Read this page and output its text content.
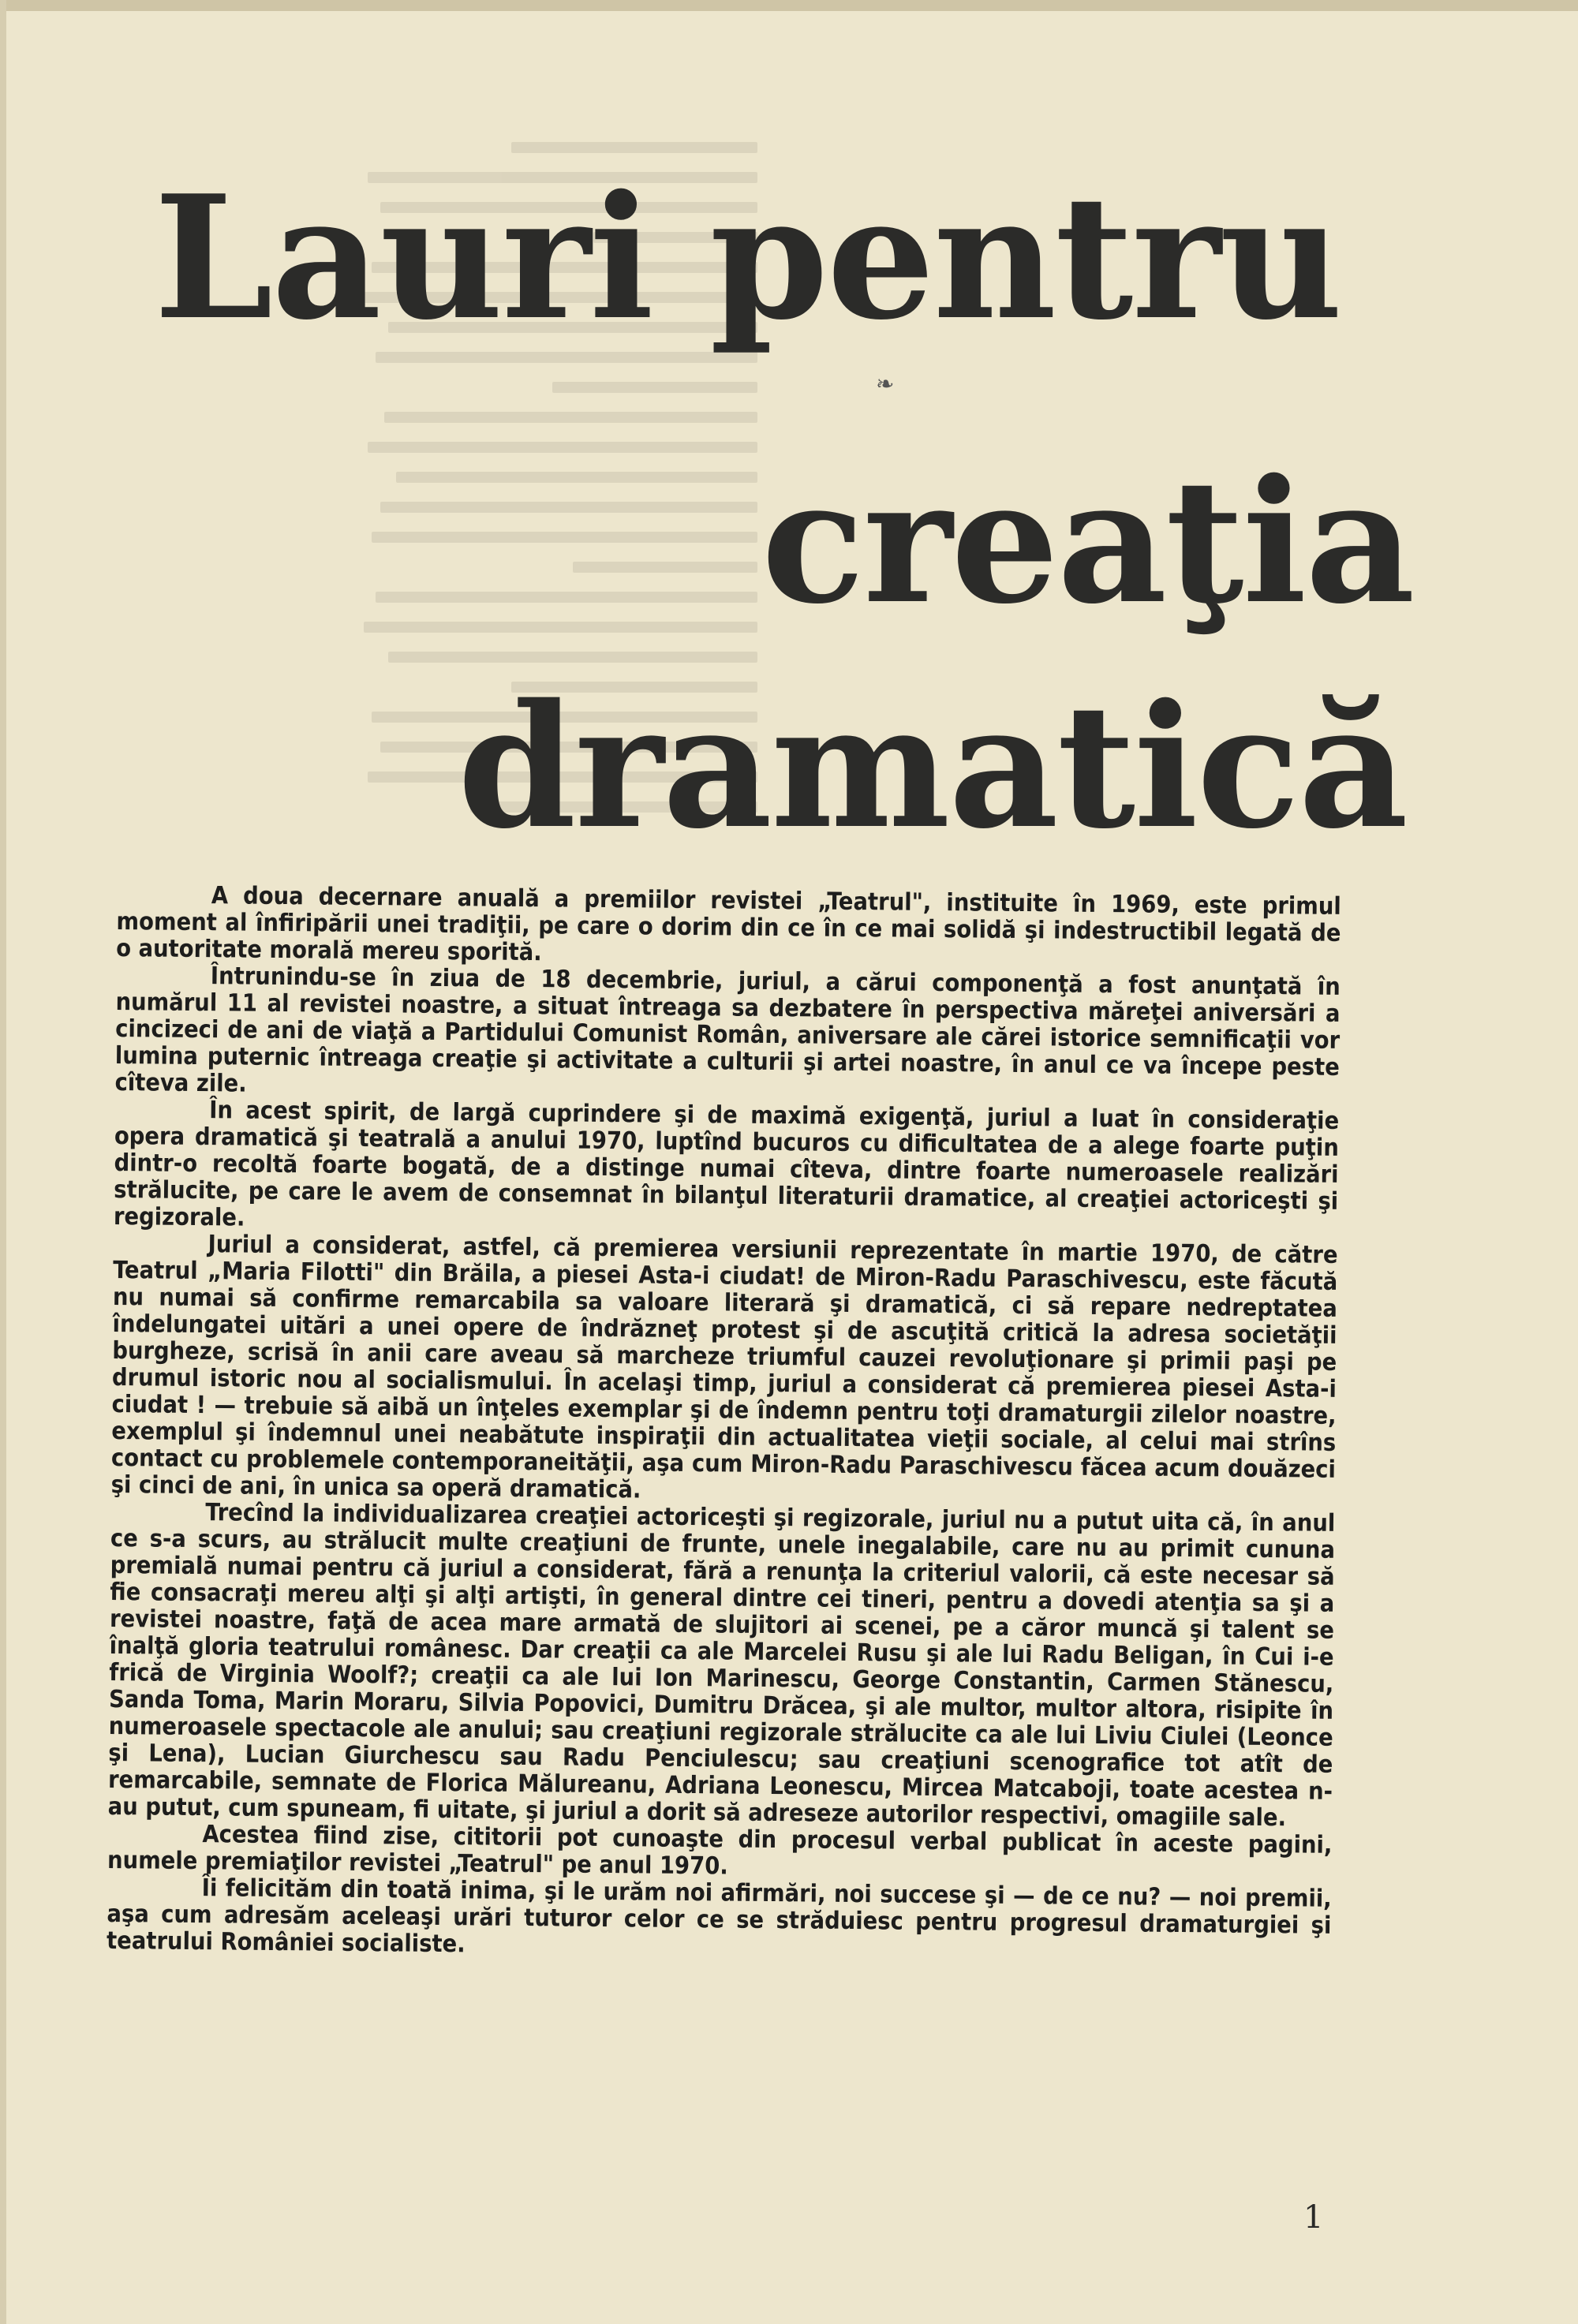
Lauri pentru
❧
creaţia
dramatică

A doua decernare anuală a premiilor revistei „Teatrul", instituite în 1969, este primul moment al înfiripării unei tradiţii, pe care o dorim din ce în ce mai solidă şi indestructibil legată de o autoritate morală mereu sporită.

Întrunindu-se în ziua de 18 decembrie, juriul, a cărui componenţă a fost anunţată în numărul 11 al revistei noastre, a situat întreaga sa dezbatere în perspectiva măreţei aniversări a cincizeci de ani de viaţă a Partidului Comunist Român, aniversare ale cărei istorice semnificaţii vor lumina puternic întreaga creaţie şi activitate a culturii şi artei noastre, în anul ce va începe peste cîteva zile.

În acest spirit, de largă cuprindere şi de maximă exigenţă, juriul a luat în consideraţie opera dramatică şi teatrală a anului 1970, luptînd bucuros cu dificultatea de a alege foarte puţin dintr-o recoltă foarte bogată, de a distinge numai cîteva, dintre foarte numeroasele realizări strălucite, pe care le avem de consemnat în bilanţul literaturii dramatice, al creaţiei actoriceşti şi regizorale.

Juriul a considerat, astfel, că premierea versiunii reprezentate în martie 1970, de către Teatrul „Maria Filotti" din Brăila, a piesei Asta-i ciudat! de Miron-Radu Paraschivescu, este făcută nu numai să confirme remarcabila sa valoare literară şi dramatică, ci să repare nedreptatea îndelungatei uitări a unei opere de îndrăzneţ protest şi de ascuţită critică la adresa societăţii burgheze, scrisă în anii care aveau să marcheze triumful cauzei revoluţionare şi primii paşi pe drumul istoric nou al socialismului. În acelaşi timp, juriul a considerat că premierea piesei Asta-i ciudat ! — trebuie să aibă un înţeles exemplar şi de îndemn pentru toţi dramaturgii zilelor noastre, exemplul şi îndemnul unei neabătute inspiraţii din actualitatea vieţii sociale, al celui mai strîns contact cu problemele contemporaneităţii, aşa cum Miron-Radu Paraschivescu făcea acum douăzeci şi cinci de ani, în unica sa operă dramatică.

Trecînd la individualizarea creaţiei actoriceşti şi regizorale, juriul nu a putut uita că, în anul ce s-a scurs, au strălucit multe creaţiuni de frunte, unele inegalabile, care nu au primit cununa premială numai pentru că juriul a considerat, fără a renunţa la criteriul valorii, că este necesar să fie consacraţi mereu alţi şi alţi artişti, în general dintre cei tineri, pentru a dovedi atenţia sa şi a revistei noastre, faţă de acea mare armată de slujitori ai scenei, pe a căror muncă şi talent se înalţă gloria teatrului românesc. Dar creaţii ca ale Marcelei Rusu şi ale lui Radu Beligan, în Cui i-e frică de Virginia Woolf?; creaţii ca ale lui Ion Marinescu, George Constantin, Carmen Stănescu, Sanda Toma, Marin Moraru, Silvia Popovici, Dumitru Drăcea, şi ale multor, multor altora, risipite în numeroasele spectacole ale anului; sau creaţiuni regizorale strălucite ca ale lui Liviu Ciulei (Leonce şi Lena), Lucian Giurchescu sau Radu Penciulescu; sau creaţiuni scenografice tot atît de remarcabile, semnate de Florica Mălureanu, Adriana Leonescu, Mircea Matcaboji, toate acestea n-au putut, cum spuneam, fi uitate, şi juriul a dorit să adreseze autorilor respectivi, omagiile sale.

Acestea fiind zise, cititorii pot cunoaşte din procesul verbal publicat în aceste pagini, numele premiaţilor revistei „Teatrul" pe anul 1970.

Îi felicităm din toată inima, şi le urăm noi afirmări, noi succese şi — de ce nu? — noi premii, aşa cum adresăm aceleaşi urări tuturor celor ce se străduiesc pentru progresul dramaturgiei şi teatrului României socialiste.

1
